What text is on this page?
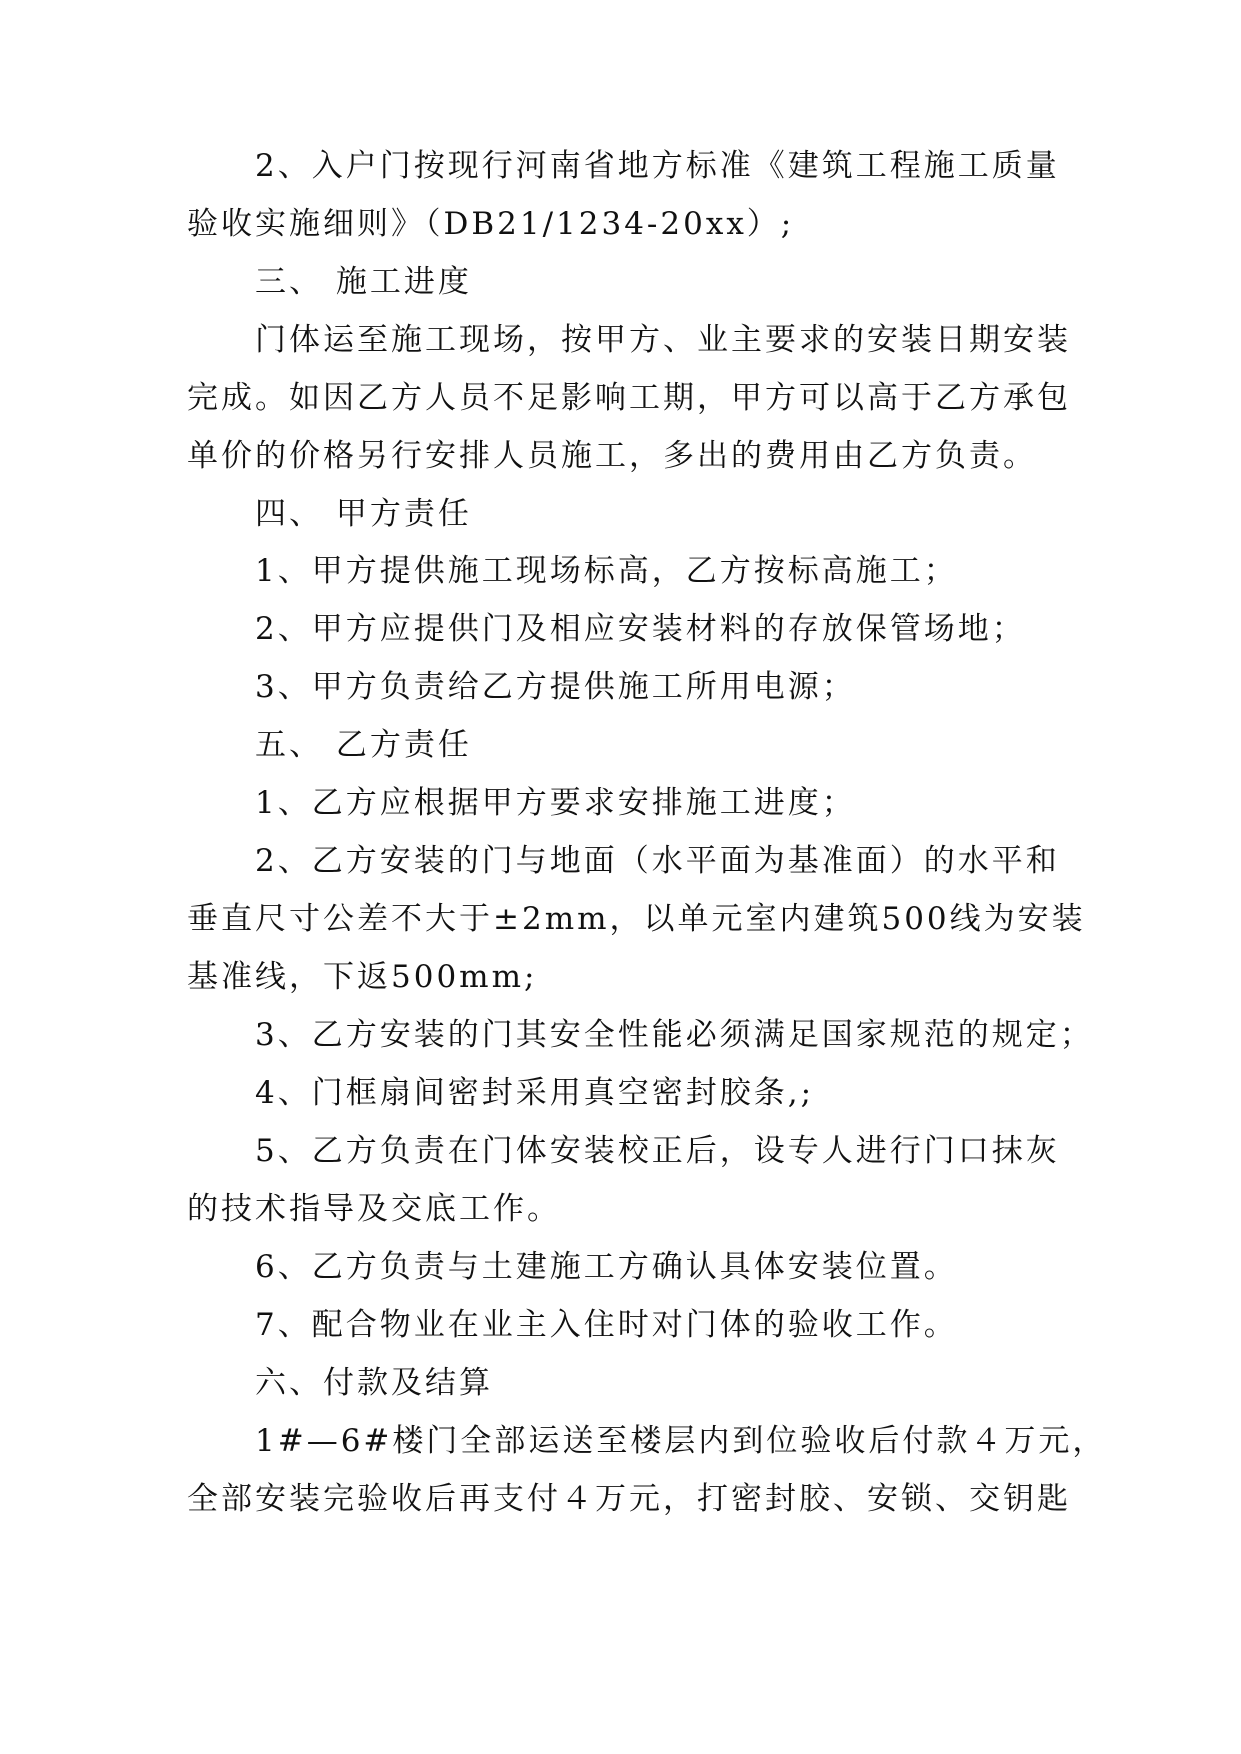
2、入户门按现行河南省地方标准《建筑工程施工质量
验收实施细则》（DB21/1234-20xx）;
三、 施工进度
门体运至施工现场，按甲方、业主要求的安装日期安装
完成。如因乙方人员不足影响工期，甲方可以高于乙方承包
单价的价格另行安排人员施工，多出的费用由乙方负责。
四、 甲方责任
1、甲方提供施工现场标高，乙方按标高施工；
2、甲方应提供门及相应安装材料的存放保管场地；
3、甲方负责给乙方提供施工所用电源；
五、 乙方责任
1、乙方应根据甲方要求安排施工进度；
2、乙方安装的门与地面（水平面为基准面）的水平和
垂直尺寸公差不大于±2mm，以单元室内建筑500线为安装
基准线，下返500mm;
3、乙方安装的门其安全性能必须满足国家规范的规定；
4、门框扇间密封采用真空密封胶条,;
5、乙方负责在门体安装校正后，设专人进行门口抹灰
的技术指导及交底工作。
6、乙方负责与土建施工方确认具体安装位置。
7、配合物业在业主入住时对门体的验收工作。
六、付款及结算
1#—6#楼门全部运送至楼层内到位验收后付款４万元，
全部安装完验收后再支付４万元，打密封胶、安锁、交钥匙
